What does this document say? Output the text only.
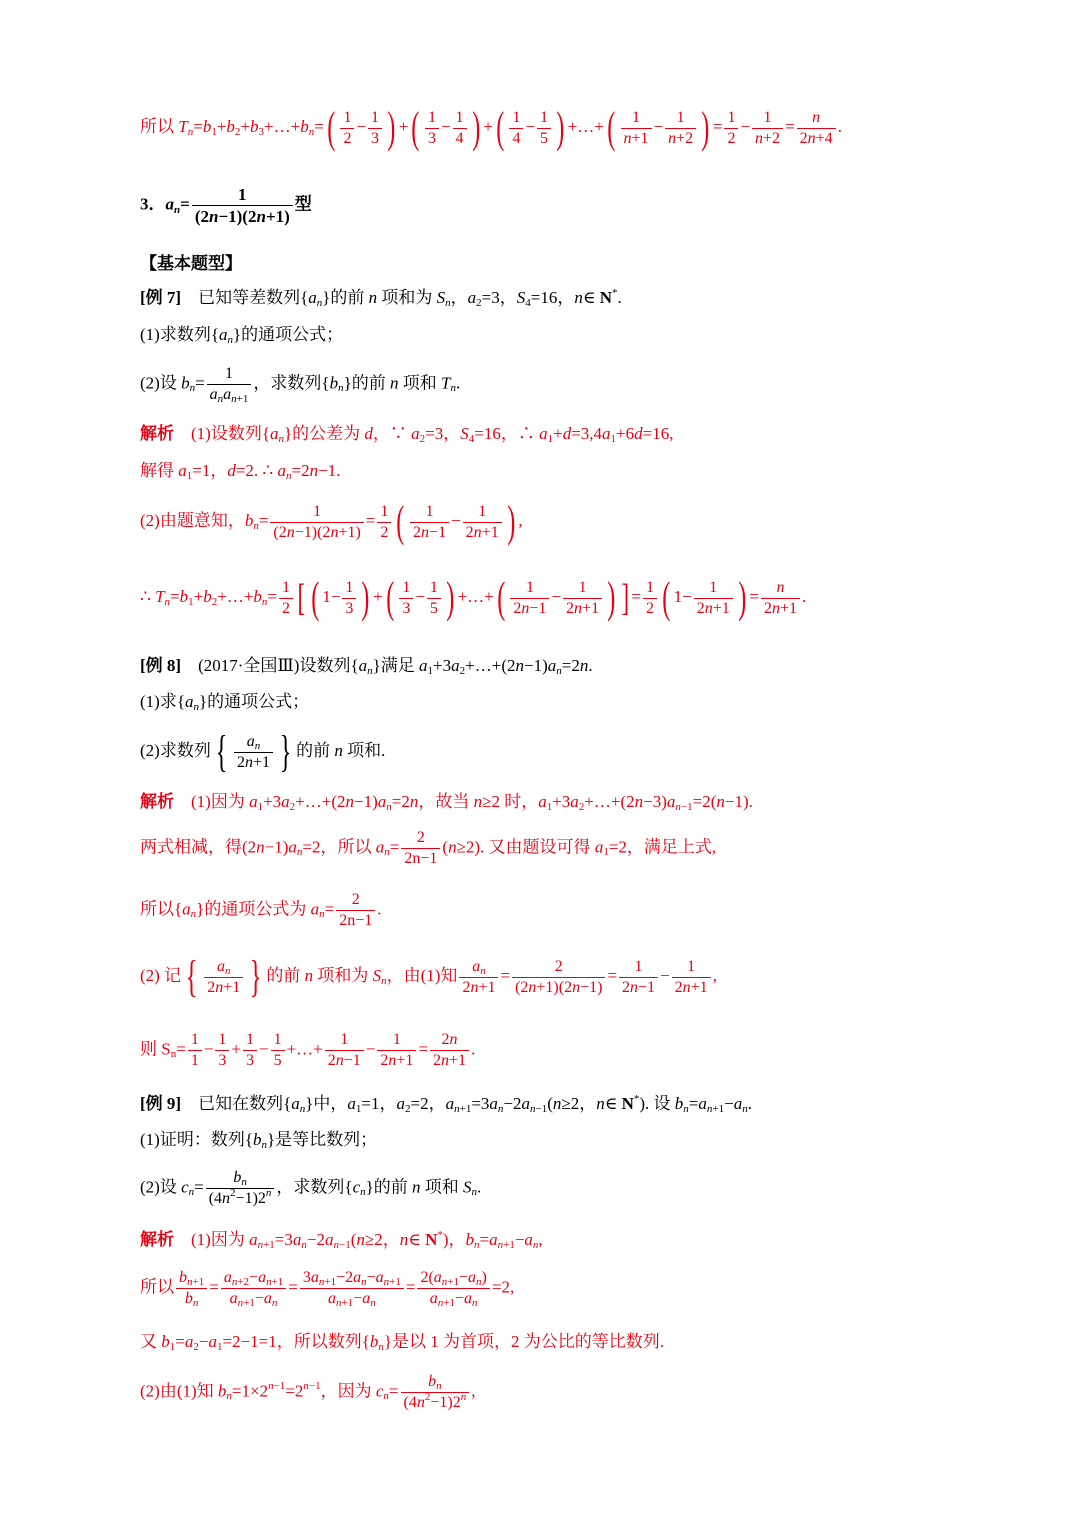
所以 Tn=b1+b2+b3+…+bn=( $\frac{1}{2} - \frac{1}{3}$ ) +( $\frac{1}{3} - \frac{1}{4}$ ) +( $\frac{1}{4} - \frac{1}{5}$ ) +…+( $\frac{1}{n+1} - \frac{1}{n+2}$ ) = $\frac{1}{2} - \frac{1}{n+2} = \frac{n}{2n+4}$ .
3．$an= \frac{1}{(2n-1)(2n+1)}$ 型
【基本题型】
[例 7]　已知等差数列{an}的前 n 项和为 Sn，a2=3，S4=16，n∈ N*.
(1)求数列{an}的通项公式；
(2)设 bn=	1
anan+1
，求数列{bn}的前 n 项和 Tn.
解析　(1)设数列{an}的公差为 d，∵ a2=3，S4=16，∴ a1+d=3,4a1+6d=16,
解得 a1=1，d=2. ∴ an=2n−1.
(2)由题意知，$bn= \frac{1}{(2n-1)(2n+1)} = \frac{1}{2}$ ( $\frac{1}{2n-1} - \frac{1}{2n+1}$ ) ,
∴ Tn=b1+b2+…+bn= $\frac{1}{2}$ [ ( $1- \frac{1}{3}$ ) +( $\frac{1}{3} - \frac{1}{5}$ ) +…+( $\frac{1}{2n-1} - \frac{1}{2n+1}$ ) ] = $\frac{1}{2}$ ( $1- \frac{1}{2n+1}$ ) = $\frac{n}{2n+1}$ .
[例 8]　(2017·全国Ⅲ)设数列{an}满足 a1+3a2+…+(2n−1)an=2n.
(1)求{an}的通项公式；
(2)求数列 { $\frac{an}{2n+1}$ } 的前 n 项和.
解析　(1)因为 a1+3a2+…+(2n−1)an=2n，故当 n≥2 时，a1+3a2+…+(2n−3)an−1=2(n−1).
两式相减，得(2n−1)an=2，所以 $an= \frac{2}{2n-1} (n\ge 2)$. 又由题设可得 a1=2，满足上式,
所以{an}的通项公式为 $an= \frac{2}{2n-1}$ .
(2) 记 { $\frac{an}{2n+1}$ } 的前 n 项和为 Sn，由(1)知 $\frac{an}{2n+1} = \frac{2}{(2n+1)(2n-1)} = \frac{1}{2n-1} - \frac{1}{2n+1}$ ,
则 $Sn= \frac{1}{1} - \frac{1}{3} + \frac{1}{3} - \frac{1}{5}$ +…+ $\frac{1}{2n-1} - \frac{1}{2n+1} = \frac{2n}{2n+1}$ .
[例 9]　已知在数列{an}中，a1=1，a2=2，an+1=3an−2an−1(n≥2，n∈ N*). 设 bn=an+1−an.
(1)证明：数列{bn}是等比数列；
(2)设 $cn= \frac{bn}{(4n^2-1)2^n}$ ，求数列{cn}的前 n 项和 Sn.
解析　(1)因为 an+1=3an−2an−1(n≥2，n∈ N*)，bn=an+1−an,
所以 $\frac{bn+1}{bn} = \frac{an+2-an+1}{an+1-an} = \frac{3an+1-2an-an+1}{an+1-an} = \frac{2(an+1-an)}{an+1-an} =2$,
又 b1=a2−a1=2−1=1，所以数列{bn}是以 1 为首项，2 为公比的等比数列.
(2)由(1)知 $bn=1\times 2^{n-1}=2^{n-1}$，因为 $cn= \frac{bn}{(4n^2-1)2^n}$ ,
